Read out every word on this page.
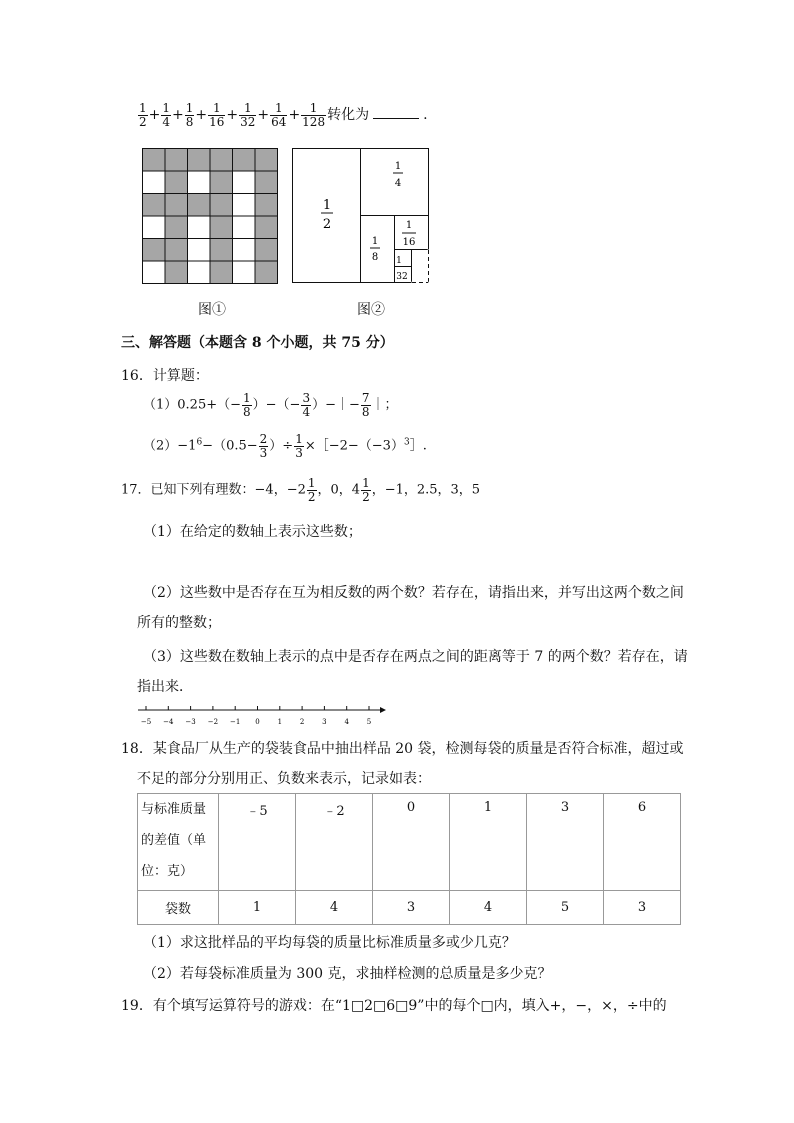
$\frac{1}{2} + \frac{1}{4} + \frac{1}{8} + \frac{1}{16} + \frac{1}{32} + \frac{1}{64} + \frac{1}{128}$ 转化为	.
图①
1
2
1
4
1
8
1
16
1
32
图②
三、解答题（本题含 8 个小题，共 75 分）
16．计算题：
$(1)0.25+(- \frac{1}{8}$ ）−（− $\frac{3}{4}$ ）−｜− $\frac{7}{8}$ ｜；
$(2)-1^6-(0.5- \frac{2}{3}$ ）÷ $\frac{1}{3}$ $\times[-2-(-3)^3]$.
17．已知下列有理数：−4，$-2 \frac{1}{2}$ ，0，$4 \frac{1}{2}$ ，−1，2.5，3，5
（1）在给定的数轴上表示这些数；
（2）这些数中是否存在互为相反数的两个数？若存在，请指出来，并写出这两个数之间
所有的整数；
（3）这些数在数轴上表示的点中是否存在两点之间的距离等于 7 的两个数？若存在，请
指出来．
−5 −4 −3 −2 −1 0	1	2	3	4	5
18．某食品厂从生产的袋装食品中抽出样品 20 袋，检测每袋的质量是否符合标准，超过或
不足的部分分别用正、负数来表示，记录如表：
与标准质量
的差值（单
位：克）	﹣5	﹣2	0	1	3	6
袋数	1	4	3	4	5	3
（1）求这批样品的平均每袋的质量比标准质量多或少几克？
（2）若每袋标准质量为 300 克，求抽样检测的总质量是多少克？
19．有个填写运算符号的游戏：在“1□2□6□9”中的每个□内，填入+，−，×，÷中的
